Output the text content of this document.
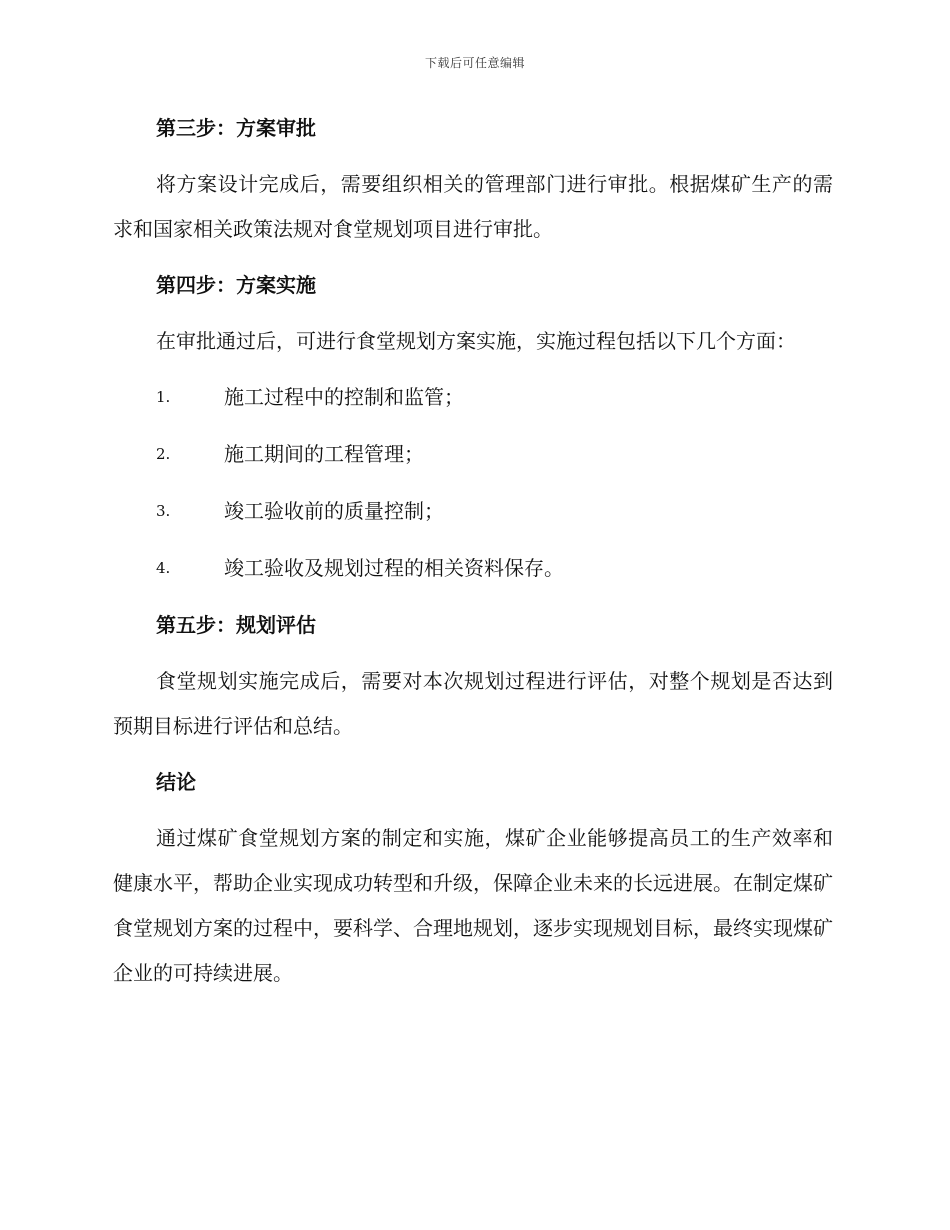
下载后可任意编辑

第三步：方案审批

将方案设计完成后，需要组织相关的管理部门进行审批。根据煤矿生产的需求和国家相关政策法规对食堂规划项目进行审批。

第四步：方案实施

在审批通过后，可进行食堂规划方案实施，实施过程包括以下几个方面：

1.	施工过程中的控制和监管；
2.	施工期间的工程管理；
3.	竣工验收前的质量控制；
4.	竣工验收及规划过程的相关资料保存。

第五步：规划评估

食堂规划实施完成后，需要对本次规划过程进行评估，对整个规划是否达到预期目标进行评估和总结。

结论

通过煤矿食堂规划方案的制定和实施，煤矿企业能够提高员工的生产效率和健康水平，帮助企业实现成功转型和升级，保障企业未来的长远进展。在制定煤矿食堂规划方案的过程中，要科学、合理地规划，逐步实现规划目标，最终实现煤矿企业的可持续进展。
